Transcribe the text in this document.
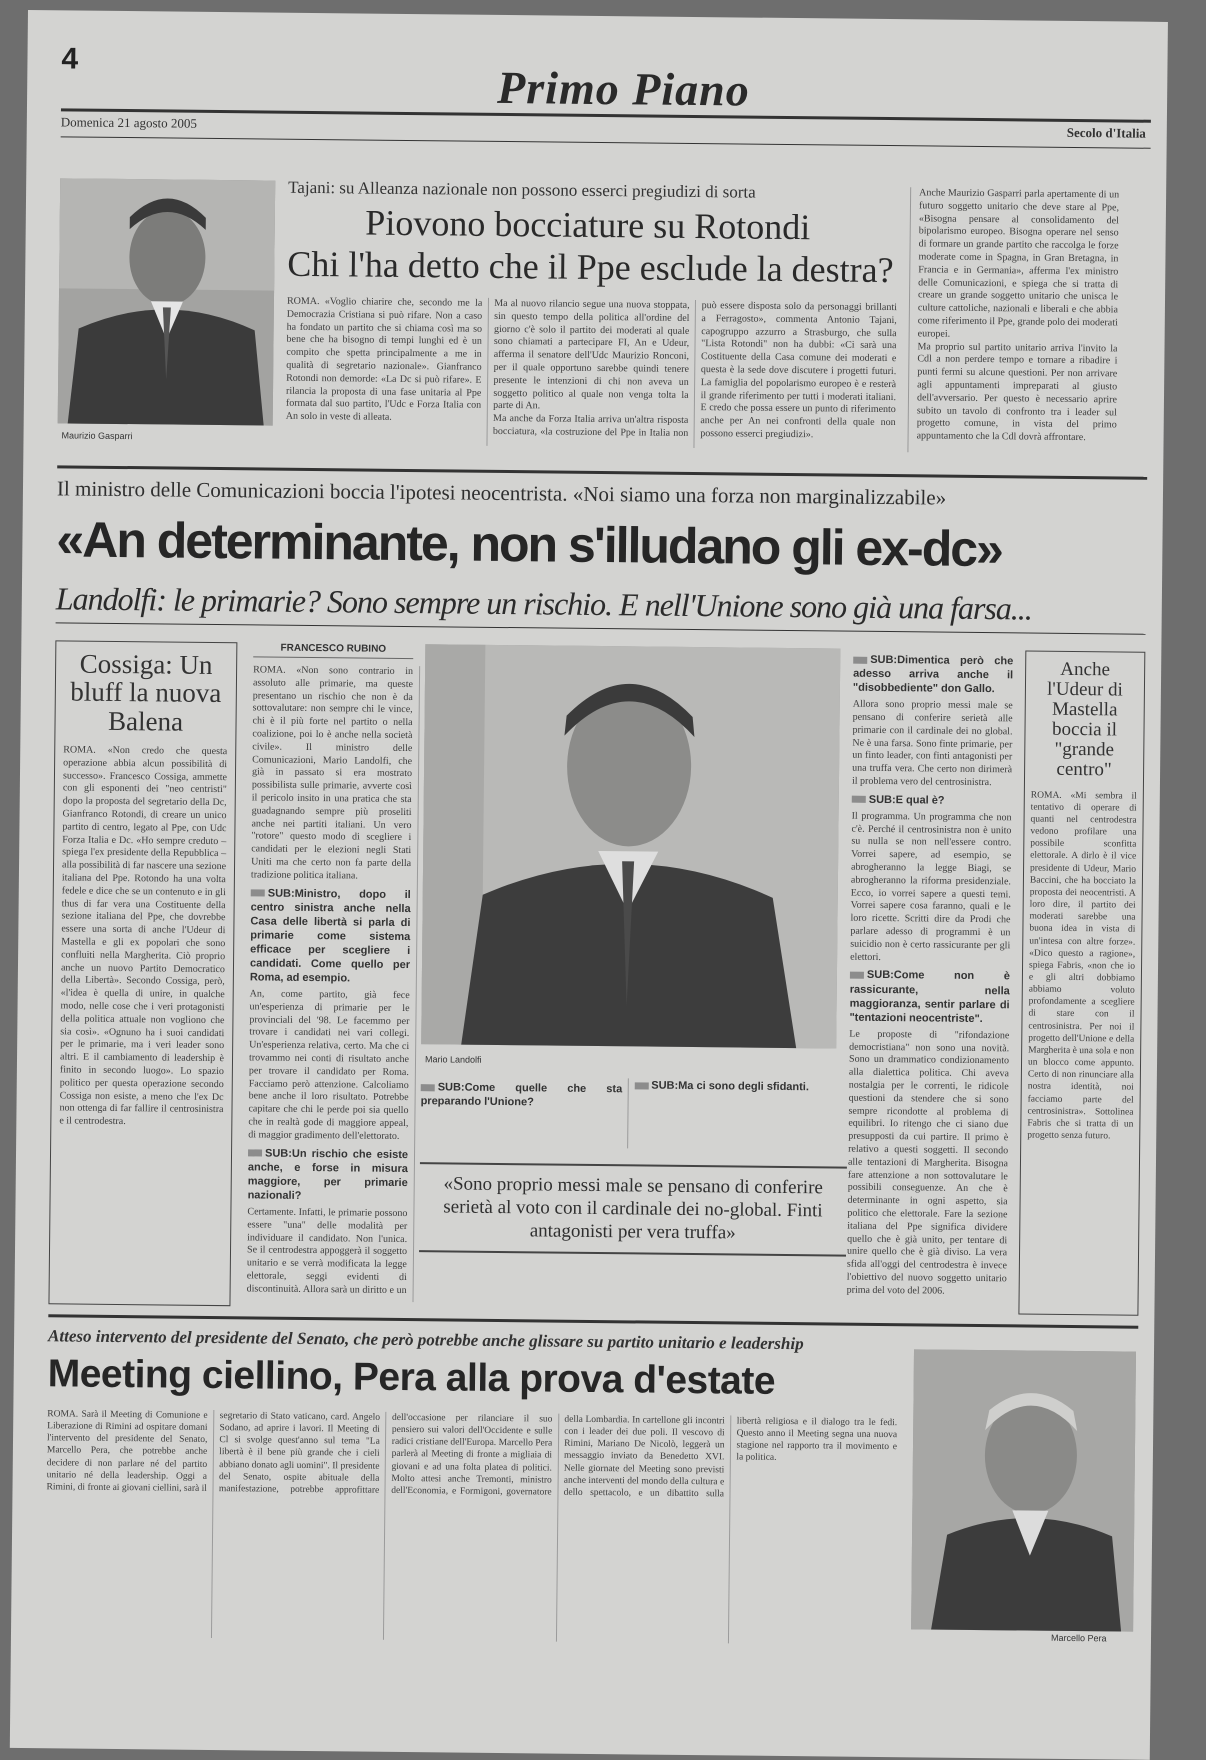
4
Primo Piano
Domenica 21 agosto 2005
Secolo d'Italia
Maurizio Gasparri
Tajani: su Alleanza nazionale non possono esserci pregiudizi di sorta
Piovono bocciature su Rotondi
Chi l'ha detto che il Ppe esclude la destra?

ROMA. «Voglio chiarire che, secondo me la Democrazia Cristiana si può rifare. Non a caso ha fondato un partito che si chiama così ma so bene che ha bisogno di tempi lunghi ed è un compito che spetta principalmente a me in qualità di segretario nazionale». Gianfranco Rotondi non demorde: «La Dc si può rifare». E rilancia la proposta di una fase unitaria al Ppe formata dal suo partito, l'Udc e Forza Italia con An solo in veste di alleata.

Ma al nuovo rilancio segue una nuova stoppata, sin questo tempo della politica all'ordine del giorno c'è solo il partito dei moderati al quale sono chiamati a partecipare FI, An e Udeur, afferma il senatore dell'Udc Maurizio Ronconi, per il quale opportuno sarebbe quindi tenere presente le intenzioni di chi non aveva un soggetto politico al quale non venga tolta la parte di An.

Ma anche da Forza Italia arriva un'altra risposta bocciatura, «la costruzione del Ppe in Italia non può essere disposta solo da personaggi brillanti a Ferragosto», commenta Antonio Tajani, capogruppo azzurro a Strasburgo, che sulla "Lista Rotondi" non ha dubbi: «Ci sarà una Costituente della Casa comune dei moderati e questa è la sede dove discutere i progetti futuri. La famiglia del popolarismo europeo è e resterà il grande riferimento per tutti i moderati italiani. E credo che possa essere un punto di riferimento anche per An nei confronti della quale non possono esserci pregiudizi».

Anche Maurizio Gasparri parla apertamente di un futuro soggetto unitario che deve stare al Ppe, «Bisogna pensare al consolidamento del bipolarismo europeo. Bisogna operare nel senso di formare un grande partito che raccolga le forze moderate come in Spagna, in Gran Bretagna, in Francia e in Germania», afferma l'ex ministro delle Comunicazioni, e spiega che si tratta di creare un grande soggetto unitario che unisca le culture cattoliche, nazionali e liberali e che abbia come riferimento il Ppe, grande polo dei moderati europei.

Ma proprio sul partito unitario arriva l'invito la Cdl a non perdere tempo e tornare a ribadire i punti fermi su alcune questioni. Per non arrivare agli appuntamenti impreparati al giusto dell'avversario. Per questo è necessario aprire subito un tavolo di confronto tra i leader sul progetto comune, in vista del primo appuntamento che la Cdl dovrà affrontare.

Il ministro delle Comunicazioni boccia l'ipotesi neocentrista. «Noi siamo una forza non marginalizzabile»
«An determinante, non s'illudano gli ex-dc»
Landolfi: le primarie? Sono sempre un rischio. E nell'Unione sono già una farsa...
Cossiga: Un bluff la nuova Balena

ROMA. «Non credo che questa operazione abbia alcun possibilità di successo». Francesco Cossiga, ammette con gli esponenti dei "neo centristi" dopo la proposta del segretario della Dc, Gianfranco Rotondi, di creare un unico partito di centro, legato al Ppe, con Udc Forza Italia e Dc. «Ho sempre creduto – spiega l'ex presidente della Repubblica – alla possibilità di far nascere una sezione italiana del Ppe. Rotondo ha una volta fedele e dice che se un contenuto e in gli thus di far vera una Costituente della sezione italiana del Ppe, che dovrebbe essere una sorta di anche l'Udeur di Mastella e gli ex popolari che sono confluiti nella Margherita. Ciò proprio anche un nuovo Partito Democratico della Libertà». Secondo Cossiga, però, «l'idea è quella di unire, in qualche modo, nelle cose che i veri protagonisti della politica attuale non vogliono che sia così». «Ognuno ha i suoi candidati per le primarie, ma i veri leader sono altri. E il cambiamento di leadership è finito in secondo luogo». Lo spazio politico per questa operazione secondo Cossiga non esiste, a meno che l'ex Dc non ottenga di far fallire il centrosinistra e il centrodestra.

FRANCESCO RUBINO

ROMA. «Non sono contrario in assoluto alle primarie, ma queste presentano un rischio che non è da sottovalutare: non sempre chi le vince, chi è il più forte nel partito o nella coalizione, poi lo è anche nella società civile». Il ministro delle Comunicazioni, Mario Landolfi, che già in passato si era mostrato possibilista sulle primarie, avverte così il pericolo insito in una pratica che sta guadagnando sempre più proseliti anche nei partiti italiani. Un vero "rotore" questo modo di scegliere i candidati per le elezioni negli Stati Uniti ma che certo non fa parte della tradizione politica italiana.

SUB:Ministro, dopo il centro sinistra anche nella Casa delle libertà si parla di primarie come sistema efficace per scegliere i candidati. Come quello per Roma, ad esempio.

An, come partito, già fece un'esperienza di primarie per le provinciali del '98. Le facemmo per trovare i candidati nei vari collegi. Un'esperienza relativa, certo. Ma che ci trovammo nei conti di risultato anche per trovare il candidato per Roma. Facciamo però attenzione. Calcoliamo bene anche il loro risultato. Potrebbe capitare che chi le perde poi sia quello che in realtà gode di maggiore appeal, di maggior gradimento dell'elettorato.

SUB:Un rischio che esiste anche, e forse in misura maggiore, per primarie nazionali?

Certamente. Infatti, le primarie possono essere "una" delle modalità per individuare il candidato. Non l'unica. Se il centrodestra appoggerà il soggetto unitario e se verrà modificata la legge elettorale, seggi evidenti di discontinuità. Allora sarà un diritto e un

Mario Landolfi
SUB:Come quelle che sta preparando l'Unione?
SUB:Ma ci sono degli sfidanti.
«Sono proprio messi male se pensano di conferire serietà al voto con il cardinale dei no-global. Finti antagonisti per vera truffa»
SUB:Dimentica però che adesso arriva anche il "disobbediente" don Gallo.

Allora sono proprio messi male se pensano di conferire serietà alle primarie con il cardinale dei no global. Ne è una farsa. Sono finte primarie, per un finto leader, con finti antagonisti per una truffa vera. Che certo non dirimerà il problema vero del centrosinistra.

SUB:E qual è?

Il programma. Un programma che non c'è. Perché il centrosinistra non è unito su nulla se non nell'essere contro. Vorrei sapere, ad esempio, se abrogheranno la legge Biagi, se abrogheranno la riforma presidenziale. Ecco, io vorrei sapere a questi temi. Vorrei sapere cosa faranno, quali e le loro ricette. Scritti dire da Prodi che parlare adesso di programmi è un suicidio non è certo rassicurante per gli elettori.

SUB:Come non è rassicurante, nella maggioranza, sentir parlare di "tentazioni neocentriste".

Le proposte di "rifondazione democristiana" non sono una novità. Sono un drammatico condizionamento alla dialettica politica. Chi aveva nostalgia per le correnti, le ridicole questioni da stendere che si sono sempre ricondotte al problema di equilibri. Io ritengo che ci siano due presupposti da cui partire. Il primo è relativo a questi soggetti. Il secondo alle tentazioni di Margherita. Bisogna fare attenzione a non sottovalutare le possibili conseguenze. An che è determinante in ogni aspetto, sia politico che elettorale. Fare la sezione italiana del Ppe significa dividere quello che è già unito, per tentare di unire quello che è già diviso. La vera sfida all'oggi del centrodestra è invece l'obiettivo del nuovo soggetto unitario prima del voto del 2006.

Anche l'Udeur di Mastella boccia il "grande centro"

ROMA. «Mi sembra il tentativo di operare di quanti nel centrodestra vedono profilare una possibile sconfitta elettorale. A dirlo è il vice presidente di Udeur, Mario Baccini, che ha bocciato la proposta dei neocentristi. A loro dire, il partito dei moderati sarebbe una buona idea in vista di un'intesa con altre forze». «Dico questo a ragione», spiega Fabris, «non che io e gli altri dobbiamo abbiamo voluto profondamente a scegliere di stare con il centrosinistra. Per noi il progetto dell'Unione e della Margherita è una sola e non un blocco come appunto. Certo di non rinunciare alla nostra identità, noi facciamo parte del centrosinistra». Sottolinea Fabris che si tratta di un progetto senza futuro.

Atteso intervento del presidente del Senato, che però potrebbe anche glissare su partito unitario e leadership
Meeting ciellino, Pera alla prova d'estate

ROMA. Sarà il Meeting di Comunione e Liberazione di Rimini ad ospitare domani l'intervento del presidente del Senato, Marcello Pera, che potrebbe anche decidere di non parlare né del partito unitario né della leadership. Oggi a Rimini, di fronte ai giovani ciellini, sarà il segretario di Stato vaticano, card. Angelo Sodano, ad aprire i lavori. Il Meeting di Cl si svolge quest'anno sul tema "La libertà è il bene più grande che i cieli abbiano donato agli uomini". Il presidente del Senato, ospite abituale della manifestazione, potrebbe approfittare dell'occasione per rilanciare il suo pensiero sui valori dell'Occidente e sulle radici cristiane dell'Europa. Marcello Pera parlerà al Meeting di fronte a migliaia di giovani e ad una folta platea di politici. Molto attesi anche Tremonti, ministro dell'Economia, e Formigoni, governatore della Lombardia. In cartellone gli incontri con i leader dei due poli. Il vescovo di Rimini, Mariano De Nicolò, leggerà un messaggio inviato da Benedetto XVI. Nelle giornate del Meeting sono previsti anche interventi del mondo della cultura e dello spettacolo, e un dibattito sulla libertà religiosa e il dialogo tra le fedi. Questo anno il Meeting segna una nuova stagione nel rapporto tra il movimento e la politica.

Marcello Pera
